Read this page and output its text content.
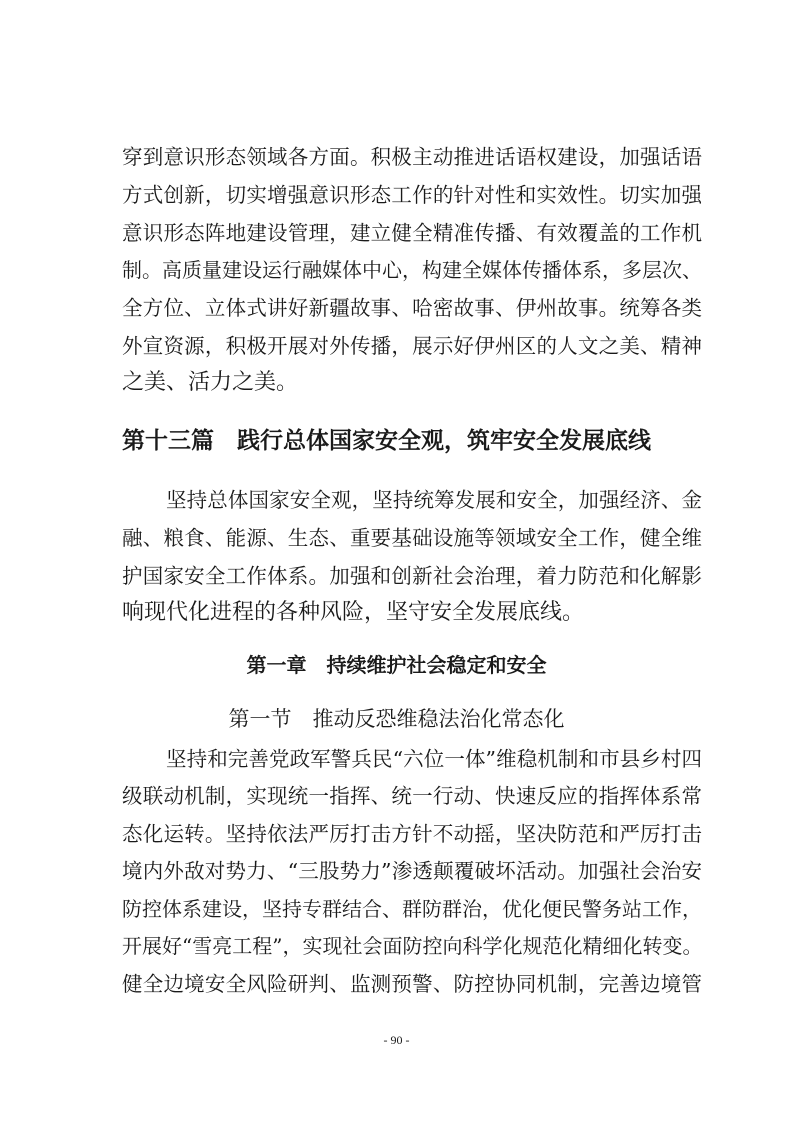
穿到意识形态领域各方面。积极主动推进话语权建设，加强话语
方式创新，切实增强意识形态工作的针对性和实效性。切实加强
意识形态阵地建设管理，建立健全精准传播、有效覆盖的工作机
制。高质量建设运行融媒体中心，构建全媒体传播体系，多层次、
全方位、立体式讲好新疆故事、哈密故事、伊州故事。统筹各类
外宣资源，积极开展对外传播，展示好伊州区的人文之美、精神
之美、活力之美。
第十三篇　践行总体国家安全观，筑牢安全发展底线
坚持总体国家安全观，坚持统筹发展和安全，加强经济、金
融、粮食、能源、生态、重要基础设施等领域安全工作，健全维
护国家安全工作体系。加强和创新社会治理，着力防范和化解影
响现代化进程的各种风险，坚守安全发展底线。
第一章　持续维护社会稳定和安全
第一节　推动反恐维稳法治化常态化
坚持和完善党政军警兵民“六位一体”维稳机制和市县乡村四
级联动机制，实现统一指挥、统一行动、快速反应的指挥体系常
态化运转。坚持依法严厉打击方针不动摇，坚决防范和严厉打击
境内外敌对势力、“三股势力”渗透颠覆破坏活动。加强社会治安
防控体系建设，坚持专群结合、群防群治，优化便民警务站工作，
开展好“雪亮工程”，实现社会面防控向科学化规范化精细化转变。
健全边境安全风险研判、监测预警、防控协同机制，完善边境管
- 90 -
